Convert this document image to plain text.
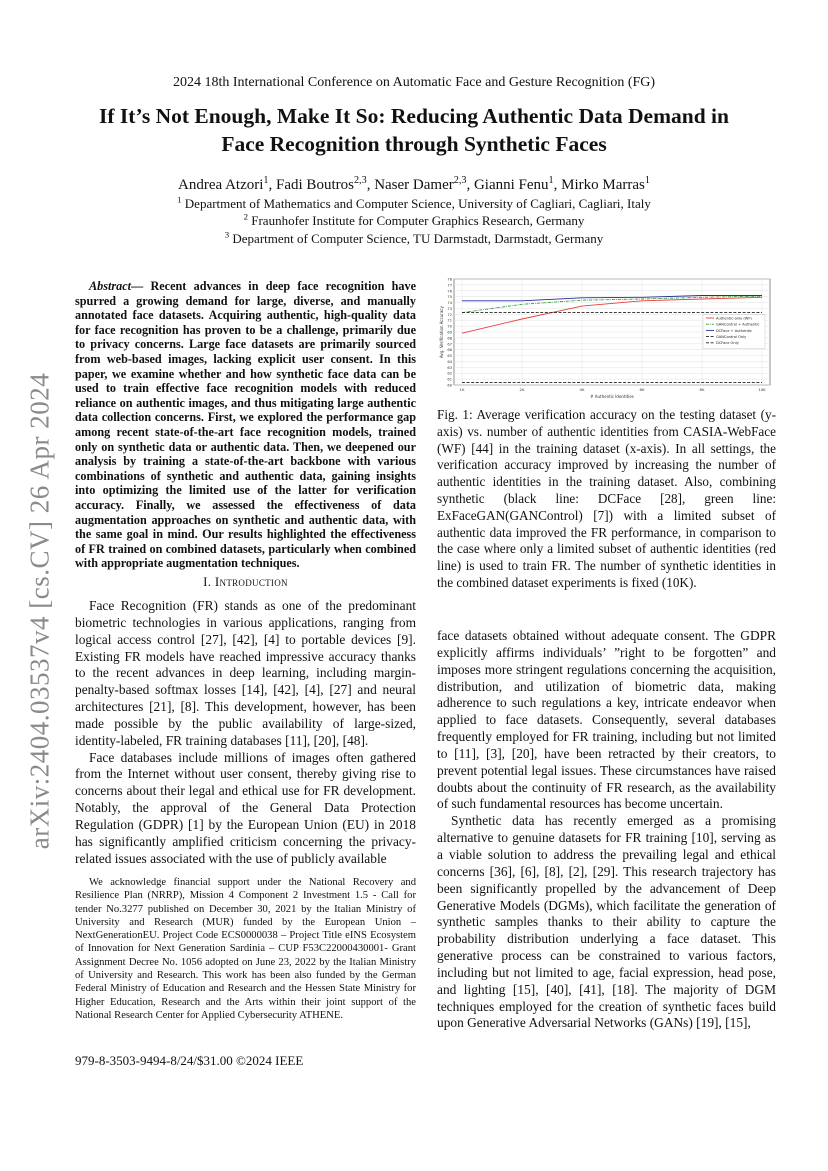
arXiv:2404.03537v4 [cs.CV] 26 Apr 2024
2024 18th International Conference on Automatic Face and Gesture Recognition (FG)
If It’s Not Enough, Make It So: Reducing Authentic Data Demand in
Face Recognition through Synthetic Faces
Andrea Atzori$^1$, Fadi Boutros$^{2,3}$, Naser Damer$^{2,3}$, Gianni Fenu$^1$, Mirko Marras$^1$
$^1$ Department of Mathematics and Computer Science, University of Cagliari, Cagliari, Italy
$^2$ Fraunhofer Institute for Computer Graphics Research, Germany
$^3$ Department of Computer Science, TU Darmstadt, Darmstadt, Germany

Abstract— Recent advances in deep face recognition have spurred a growing demand for large, diverse, and manually annotated face datasets. Acquiring authentic, high-quality data for face recognition has proven to be a challenge, primarily due to privacy concerns. Large face datasets are primarily sourced from web-based images, lacking explicit user consent. In this paper, we examine whether and how synthetic face data can be used to train effective face recognition models with reduced reliance on authentic images, and thus mitigating large authentic data collection concerns. First, we explored the performance gap among recent state-of-the-art face recognition models, trained only on synthetic data or authentic data. Then, we deepened our analysis by training a state-of-the-art backbone with various combinations of synthetic and authentic data, gaining insights into optimizing the limited use of the latter for verification accuracy. Finally, we assessed the effectiveness of data augmentation approaches on synthetic and authentic data, with the same goal in mind. Our results highlighted the effectiveness of FR trained on combined datasets, particularly when combined with appropriate augmentation techniques.

I. Introduction

Face Recognition (FR) stands as one of the predominant biometric technologies in various applications, ranging from logical access control [27], [42], [4] to portable devices [9]. Existing FR models have reached impressive accuracy thanks to the recent advances in deep learning, including margin-penalty-based softmax losses [14], [42], [4], [27] and neural architectures [21], [8]. This development, however, has been made possible by the public availability of large-sized, identity-labeled, FR training databases [11], [20], [48].

Face databases include millions of images often gathered from the Internet without user consent, thereby giving rise to concerns about their legal and ethical use for FR development. Notably, the approval of the General Data Protection Regulation (GDPR) [1] by the European Union (EU) in 2018 has significantly amplified criticism concerning the privacy-related issues associated with the use of publicly available

We acknowledge financial support under the National Recovery and Resilience Plan (NRRP), Mission 4 Component 2 Investment 1.5 - Call for tender No.3277 published on December 30, 2021 by the Italian Ministry of University and Research (MUR) funded by the European Union – NextGenerationEU. Project Code ECS0000038 – Project Title eINS Ecosystem of Innovation for Next Generation Sardinia – CUP F53C22000430001- Grant Assignment Decree No. 1056 adopted on June 23, 2022 by the Italian Ministry of University and Research. This work has been also funded by the German Federal Ministry of Education and Research and the Hessen State Ministry for Higher Education, Research and the Arts within their joint support of the National Research Center for Applied Cybersecurity ATHENE.

979-8-3503-9494-8/24/$31.00 ©2024 IEEE
78
77
76
75
74
73
72
71
70
69
68
67
66
65
64
63
62
61
60
1K	2K	4K	6K	8K	10K
# Authentic Identities
Avg. Verification Accuracy	Authentic-only (WF)
GANControl + Authentic
DCFace + Authentic
GANControl Only
DCFace Only

Fig. 1: Average verification accuracy on the testing dataset (y-axis) vs. number of authentic identities from CASIA-WebFace (WF) [44] in the training dataset (x-axis). In all settings, the verification accuracy improved by increasing the number of authentic identities in the training dataset. Also, combining synthetic (black line: DCFace [28], green line: ExFaceGAN(GANControl) [7]) with a limited subset of authentic data improved the FR performance, in comparison to the case where only a limited subset of authentic identities (red line) is used to train FR. The number of synthetic identities in the combined dataset experiments is fixed (10K).

face datasets obtained without adequate consent. The GDPR explicitly affirms individuals’ ”right to be forgotten” and imposes more stringent regulations concerning the acquisition, distribution, and utilization of biometric data, making adherence to such regulations a key, intricate endeavor when applied to face datasets. Consequently, several databases frequently employed for FR training, including but not limited to [11], [3], [20], have been retracted by their creators, to prevent potential legal issues. These circumstances have raised doubts about the continuity of FR research, as the availability of such fundamental resources has become uncertain.

Synthetic data has recently emerged as a promising alternative to genuine datasets for FR training [10], serving as a viable solution to address the prevailing legal and ethical concerns [36], [6], [8], [2], [29]. This research trajectory has been significantly propelled by the advancement of Deep Generative Models (DGMs), which facilitate the generation of synthetic samples thanks to their ability to capture the probability distribution underlying a face dataset. This generative process can be constrained to various factors, including but not limited to age, facial expression, head pose, and lighting [15], [40], [41], [18]. The majority of DGM techniques employed for the creation of synthetic faces build upon Generative Adversarial Networks (GANs) [19], [15],
